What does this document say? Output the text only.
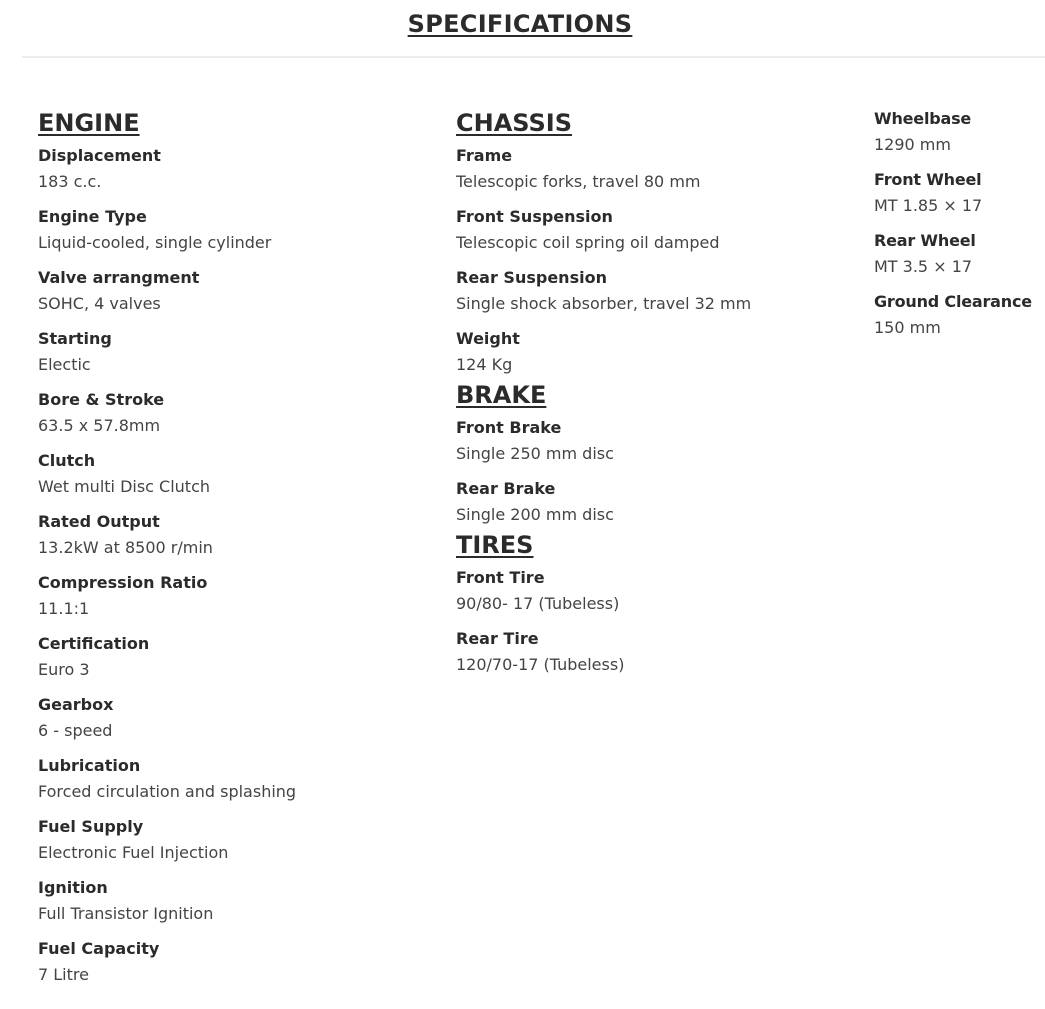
SPECIFICATIONS
ENGINE
Displacement
183 c.c.
Engine Type
Liquid-cooled, single cylinder
Valve arrangment
SOHC, 4 valves
Starting
Electic
Bore & Stroke
63.5 x 57.8mm
Clutch
Wet multi Disc Clutch
Rated Output
13.2kW at 8500 r/min
Compression Ratio
11.1:1
Certification
Euro 3
Gearbox
6 - speed
Lubrication
Forced circulation and splashing
Fuel Supply
Electronic Fuel Injection
Ignition
Full Transistor Ignition
Fuel Capacity
7 Litre
CHASSIS
Frame
Telescopic forks, travel 80 mm
Front Suspension
Telescopic coil spring oil damped
Rear Suspension
Single shock absorber, travel 32 mm
Weight
124 Kg
BRAKE
Front Brake
Single 250 mm disc
Rear Brake
Single 200 mm disc
TIRES
Front Tire
90/80- 17 (Tubeless)
Rear Tire
120/70-17 (Tubeless)
Wheelbase
1290 mm
Front Wheel
MT 1.85 × 17
Rear Wheel
MT 3.5 × 17
Ground Clearance
150 mm
